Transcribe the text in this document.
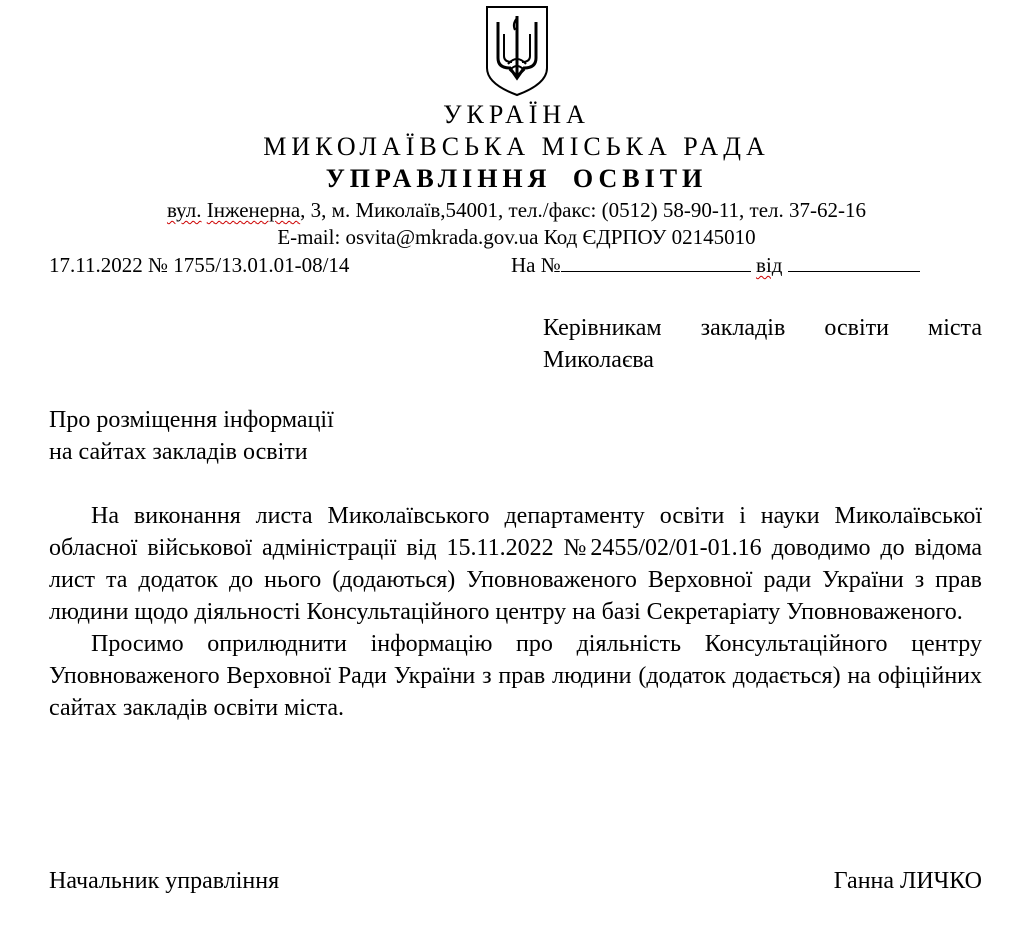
УКРАЇНА
МИКОЛАЇВСЬКА МІСЬКА РАДА
УПРАВЛІННЯ ОСВІТИ
вул. Інженерна, 3, м. Миколаїв,54001, тел./факс: (0512) 58-90-11, тел. 37-62-16
E-mail: osvita@mkrada.gov.ua Код ЄДРПОУ 02145010
17.11.2022 № 1755/13.01.01-08/14	На №	від
Керівникам закладів освіти міста
Миколаєва
Про розміщення інформації
на сайтах закладів освіти

На виконання листа Миколаївського департаменту освіти і науки Миколаївської обласної військової адміністрації від 15.11.2022 №2455/02/01-01.16 доводимо до відома лист та додаток до нього (додаються) Уповноваженого Верховної ради України з прав людини щодо діяльності Консультаційного центру на базі Секретаріату Уповноваженого.

Просимо оприлюднити інформацію про діяльність Консультаційного центру Уповноваженого Верховної Ради України з прав людини (додаток додається) на офіційних сайтах закладів освіти міста.

Начальник управління	Ганна ЛИЧКО
